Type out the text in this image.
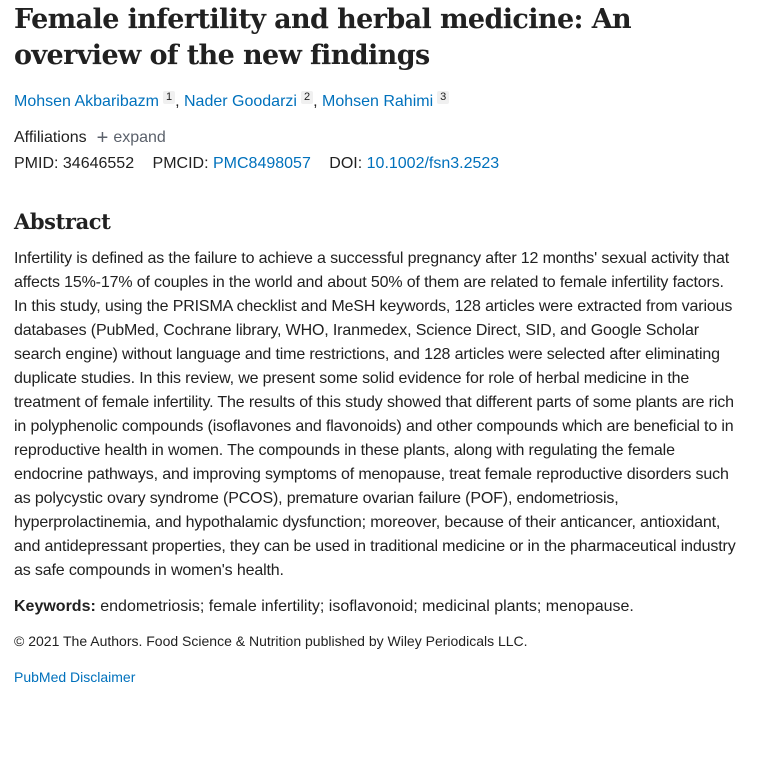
Female infertility and herbal medicine: An overview of the new findings
Mohsen Akbaribazm 1 , Nader Goodarzi 2 , Mohsen Rahimi 3
Affiliations + expand
PMID: 34646552 PMCID: PMC8498057 DOI: 10.1002/fsn3.2523
Abstract

Infertility is defined as the failure to achieve a successful pregnancy after 12 months' sexual activity that affects 15%-17% of couples in the world and about 50% of them are related to female infertility factors. In this study, using the PRISMA checklist and MeSH keywords, 128 articles were extracted from various databases (PubMed, Cochrane library, WHO, Iranmedex, Science Direct, SID, and Google Scholar search engine) without language and time restrictions, and 128 articles were selected after eliminating duplicate studies. In this review, we present some solid evidence for role of herbal medicine in the treatment of female infertility. The results of this study showed that different parts of some plants are rich in polyphenolic compounds (isoflavones and flavonoids) and other compounds which are beneficial to in reproductive health in women. The compounds in these plants, along with regulating the female endocrine pathways, and improving symptoms of menopause, treat female reproductive disorders such as polycystic ovary syndrome (PCOS), premature ovarian failure (POF), endometriosis, hyperprolactinemia, and hypothalamic dysfunction; moreover, because of their anticancer, antioxidant, and antidepressant properties, they can be used in traditional medicine or in the pharmaceutical industry as safe compounds in women's health.

Keywords: endometriosis; female infertility; isoflavonoid; medicinal plants; menopause.
© 2021 The Authors. Food Science & Nutrition published by Wiley Periodicals LLC.
PubMed Disclaimer
